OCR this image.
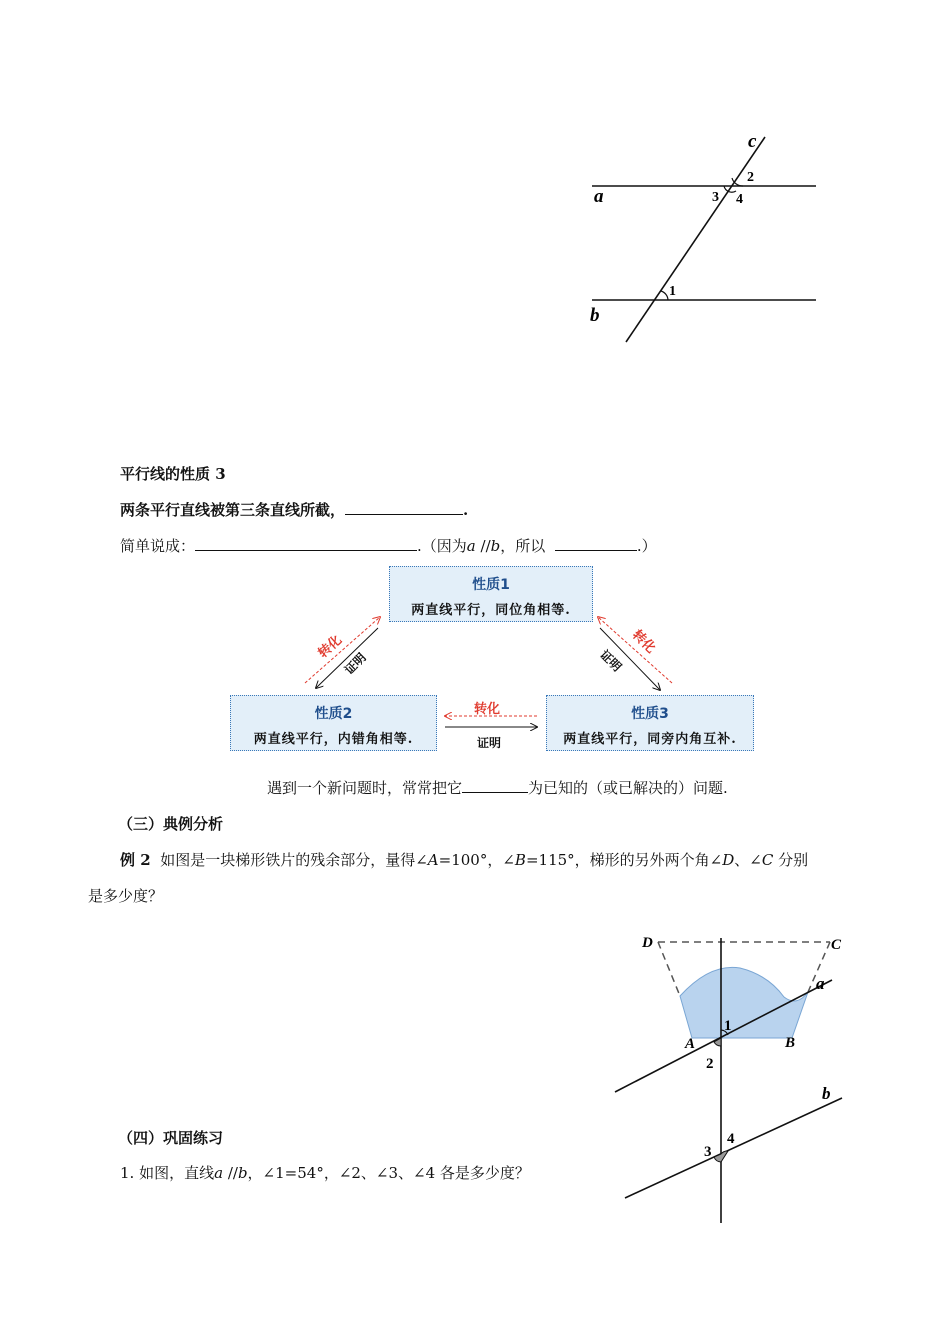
c
a
b
2
3 4
1
平行线的性质 3
两条平行直线被第三条直线所截，	.
简单说成：	.（因为a //b，所以	.）
性质1
两直线平行，同位角相等.
性质2
两直线平行，内错角相等.
性质3
两直线平行，同旁内角互补.
转化
证明
转化
证明
转化
证明
遇到一个新问题时，常常把它	为已知的（或已解决的）问题.
（三）典例分析
例 2 如图是一块梯形铁片的残余部分，量得∠A=100°，∠B=115°，梯形的另外两个角∠D、∠C 分别
是多少度？
（四）巩固练习
1. 如图，直线a //b，∠1=54°，∠2、∠3、∠4 各是多少度？
D	C
a
A	B
1
2
b
3
4
